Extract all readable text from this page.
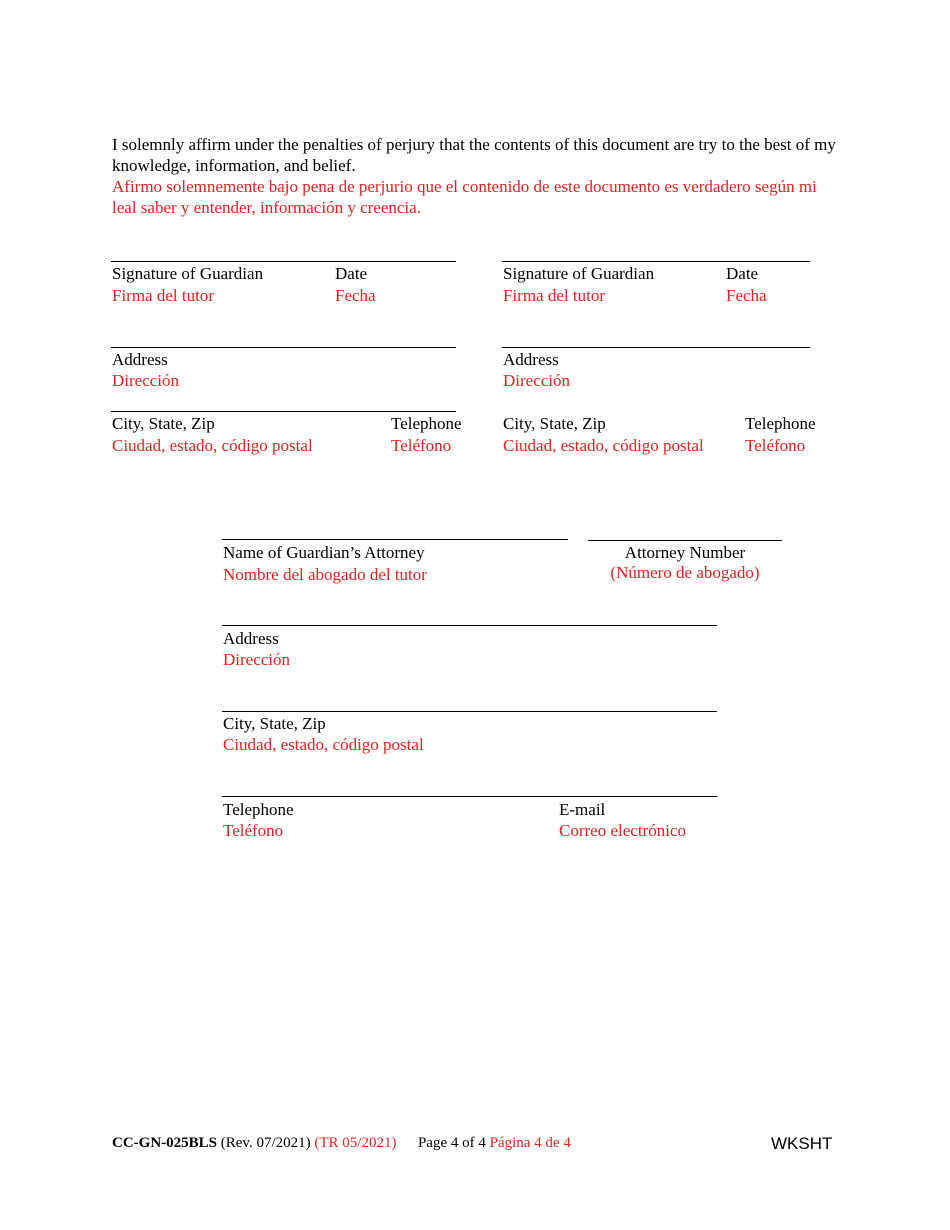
I solemnly affirm under the penalties of perjury that the contents of this document are try to the best of my knowledge, information, and belief.

Afirmo solemnemente bajo pena de perjurio que el contenido de este documento es verdadero según mi leal saber y entender, información y creencia.

Signature of Guardian
Firma del tutor
Date
Fecha
Address
Dirección
City, State, Zip
Ciudad, estado, código postal
Telephone
Teléfono
Signature of Guardian
Firma del tutor
Date
Fecha
Address
Dirección
City, State, Zip
Ciudad, estado, código postal
Telephone
Teléfono
Name of Guardian’s Attorney
Nombre del abogado del tutor
Attorney Number
(Número de abogado)
Address
Dirección
City, State, Zip
Ciudad, estado, código postal
Telephone
Teléfono
E-mail
Correo electrónico
CC-GN-025BLS (Rev. 07/2021) (TR 05/2021) Page 4 of 4 Página 4 de 4	WKSHT
